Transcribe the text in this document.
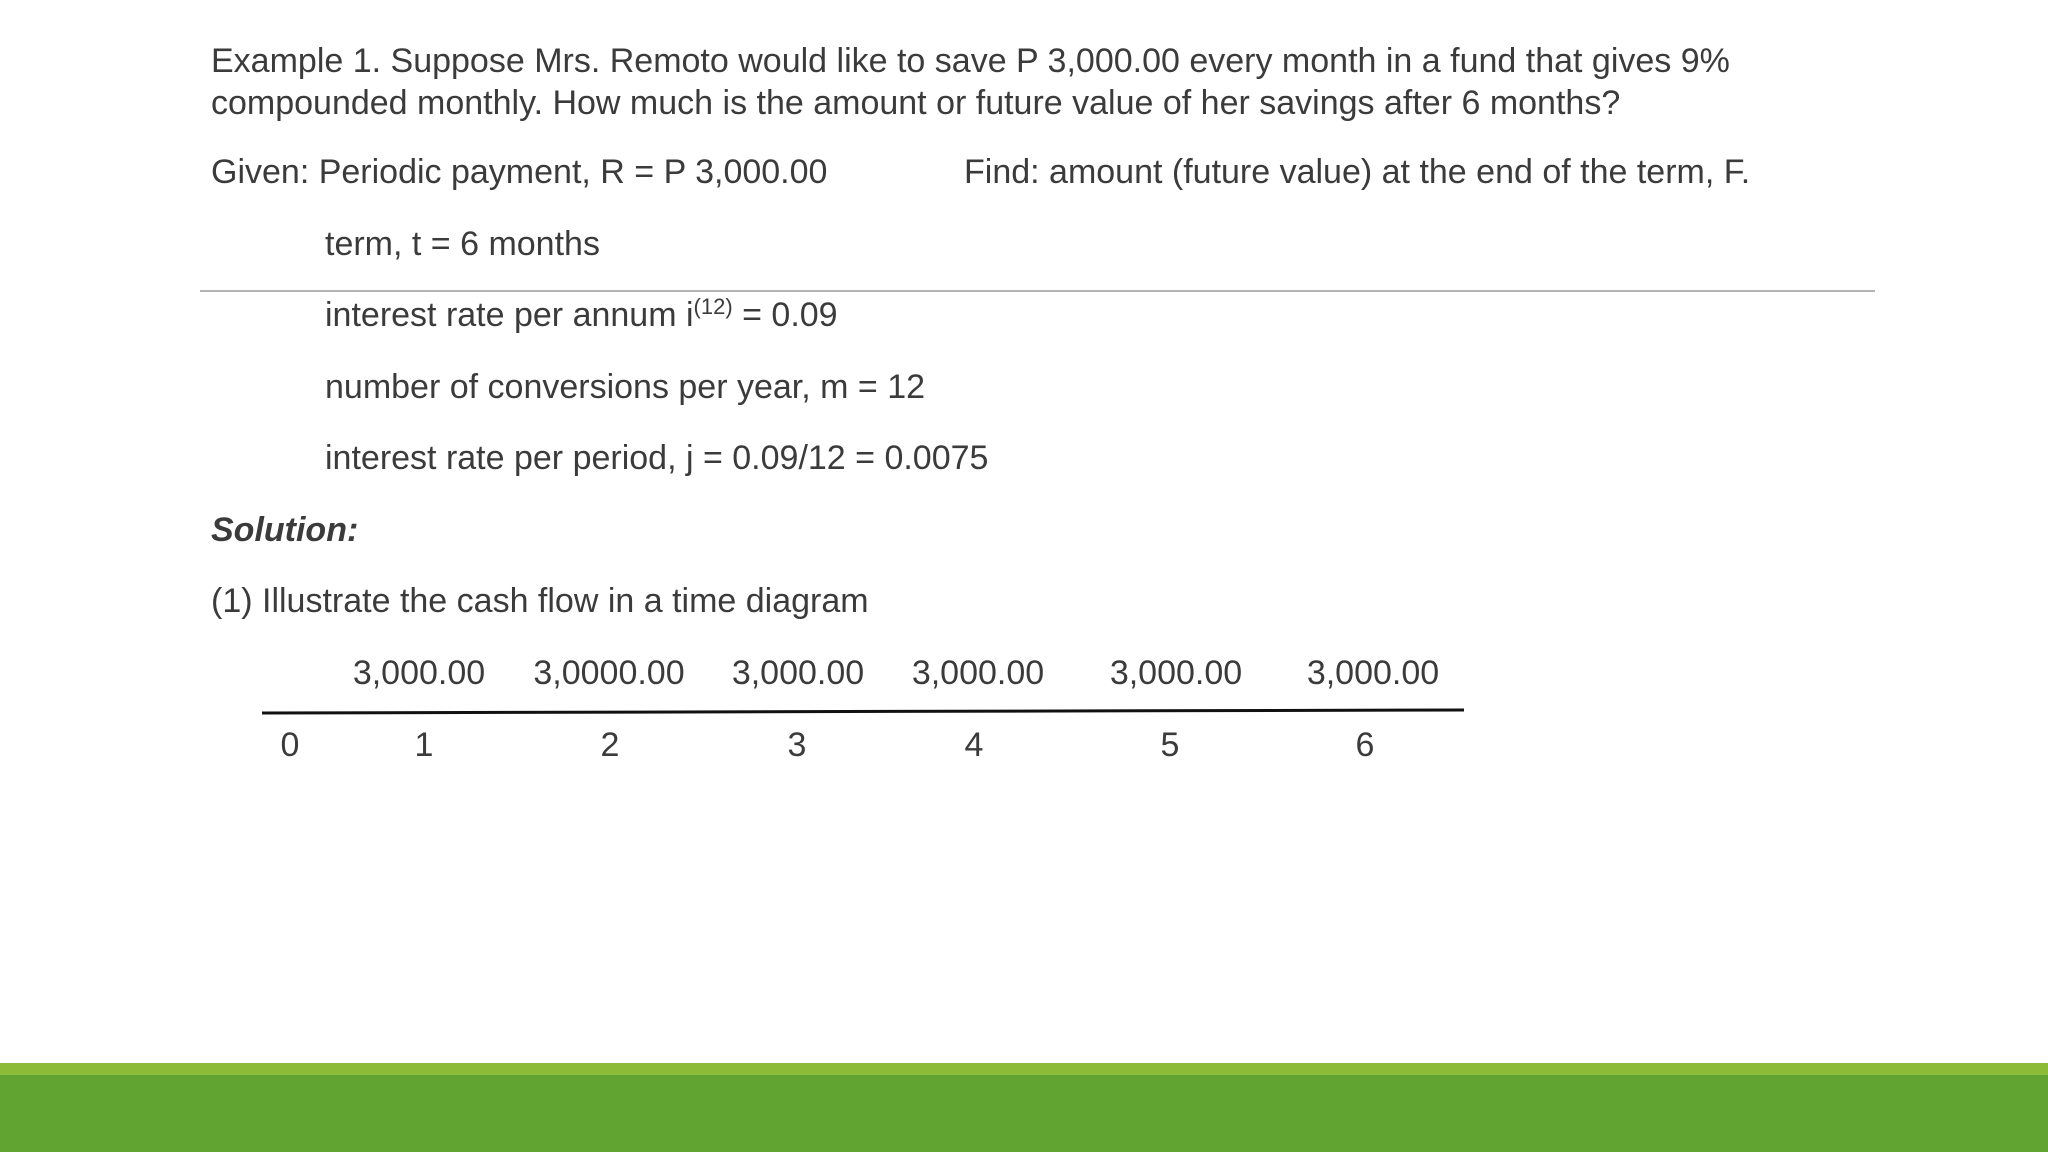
Example 1. Suppose Mrs. Remoto would like to save P 3,000.00 every month in a fund that gives 9%
compounded monthly. How much is the amount or future value of her savings after 6 months?

Given: Periodic payment, R = P 3,000.00	Find: amount (future value) at the end of the term, F.
term, t = 6 months
interest rate per annum $i^{(12)} = 0.09$
number of conversions per year, m = 12
interest rate per period, j = 0.09/12 = 0.0075
Solution:
(1) Illustrate the cash flow in a time diagram
3,000.00 3,0000.00 3,000.00 3,000.00 3,000.00 3,000.00
0	1	2	3	4	5	6
